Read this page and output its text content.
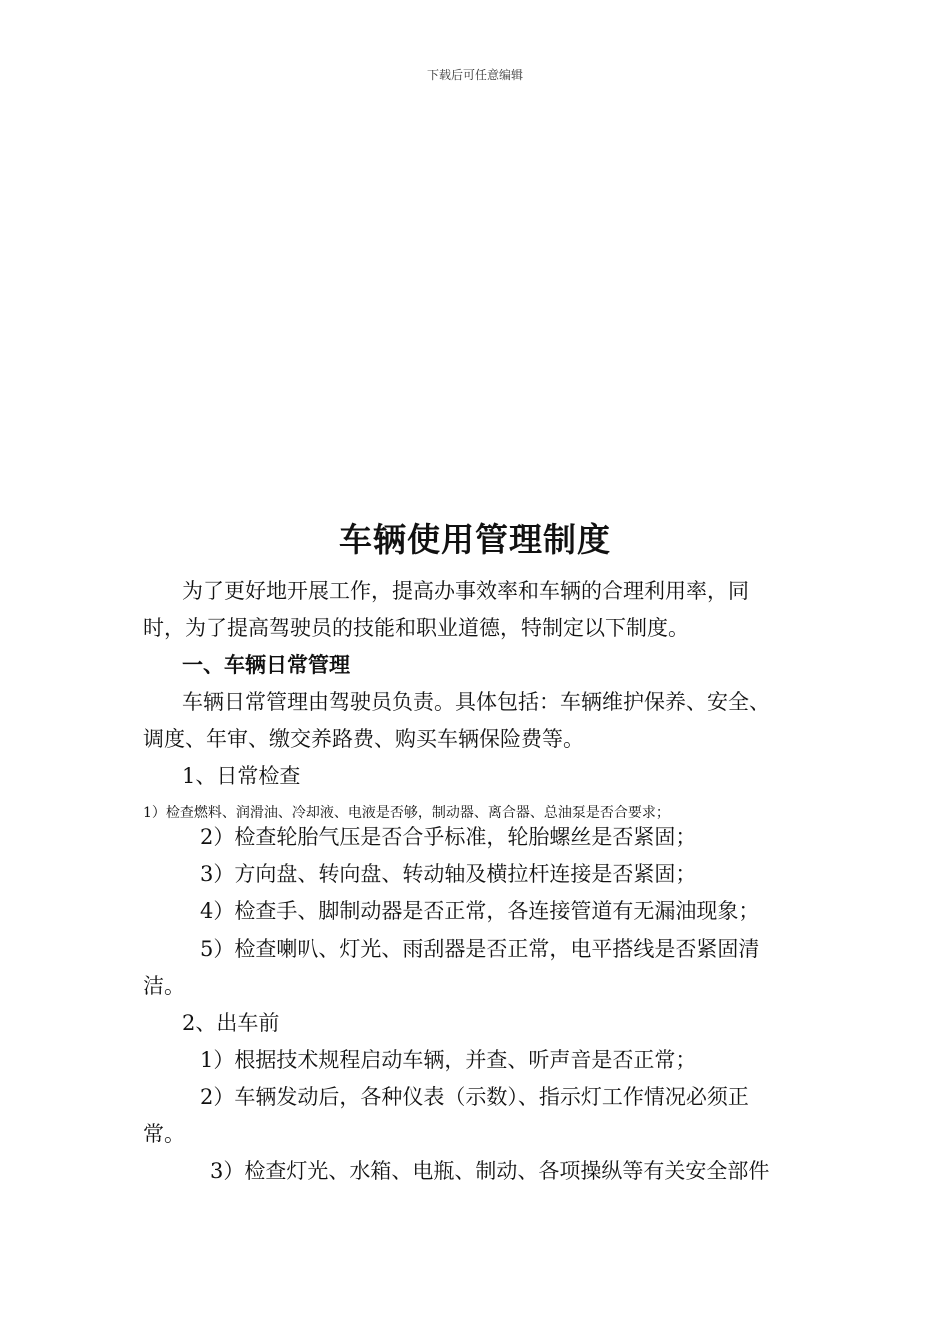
下载后可任意编辑
车辆使用管理制度
为了更好地开展工作，提高办事效率和车辆的合理利用率，同
时，为了提高驾驶员的技能和职业道德，特制定以下制度。
一、车辆日常管理
车辆日常管理由驾驶员负责。具体包括：车辆维护保养、安全、
调度、年审、缴交养路费、购买车辆保险费等。
1、日常检查
1）检查燃料、润滑油、冷却液、电液是否够，制动器、离合器、总油泵是否合要求；
2）检查轮胎气压是否合乎标准，轮胎螺丝是否紧固；
3）方向盘、转向盘、转动轴及横拉杆连接是否紧固；
4）检查手、脚制动器是否正常，各连接管道有无漏油现象；
5）检查喇叭、灯光、雨刮器是否正常，电平搭线是否紧固清
洁。
2、出车前
1）根据技术规程启动车辆，并查、听声音是否正常；
2）车辆发动后，各种仪表（示数）、指示灯工作情况必须正
常。
3）检查灯光、水箱、电瓶、制动、各项操纵等有关安全部件
